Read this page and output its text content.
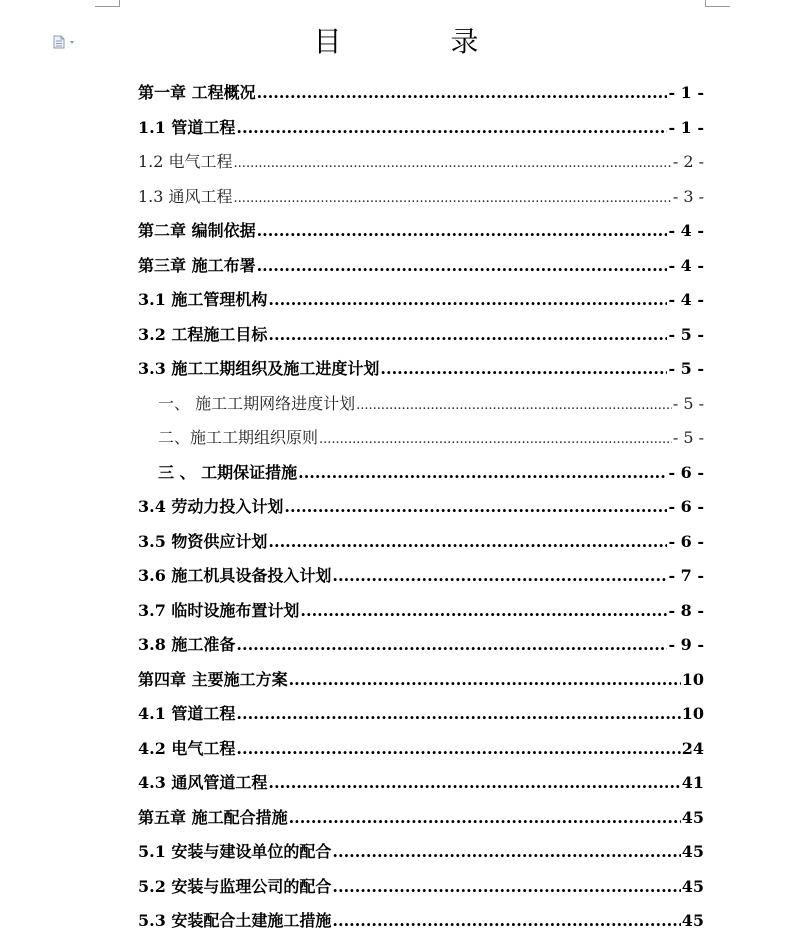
目 录
第一章 工程概况 .....	- 1 -
1.1 管道工程 .....	- 1 -
1.2 电气工程 .....	- 2 -
1.3 通风工程 .....	- 3 -
第二章 编制依据 .....	- 4 -
第三章 施工布署 .....	- 4 -
3.1 施工管理机构 .....	- 4 -
3.2 工程施工目标 .....	- 5 -
3.3 施工工期组织及施工进度计划 .....	- 5 -
一、 施工工期网络进度计划 .....	- 5 -
二、施工工期组织原则 .....	- 5 -
三 、 工期保证措施 .....	- 6 -
3.4 劳动力投入计划 .....	- 6 -
3.5 物资供应计划 .....	- 6 -
3.6 施工机具设备投入计划 .....	- 7 -
3.7 临时设施布置计划 .....	- 8 -
3.8 施工准备 .....	- 9 -
第四章 主要施工方案 .....	10
4.1 管道工程 .....	10
4.2 电气工程 .....	24
4.3 通风管道工程 .....	41
第五章 施工配合措施 .....	45
5.1 安装与建设单位的配合 .....	45
5.2 安装与监理公司的配合 .....	45
5.3 安装配合土建施工措施 .....	45
